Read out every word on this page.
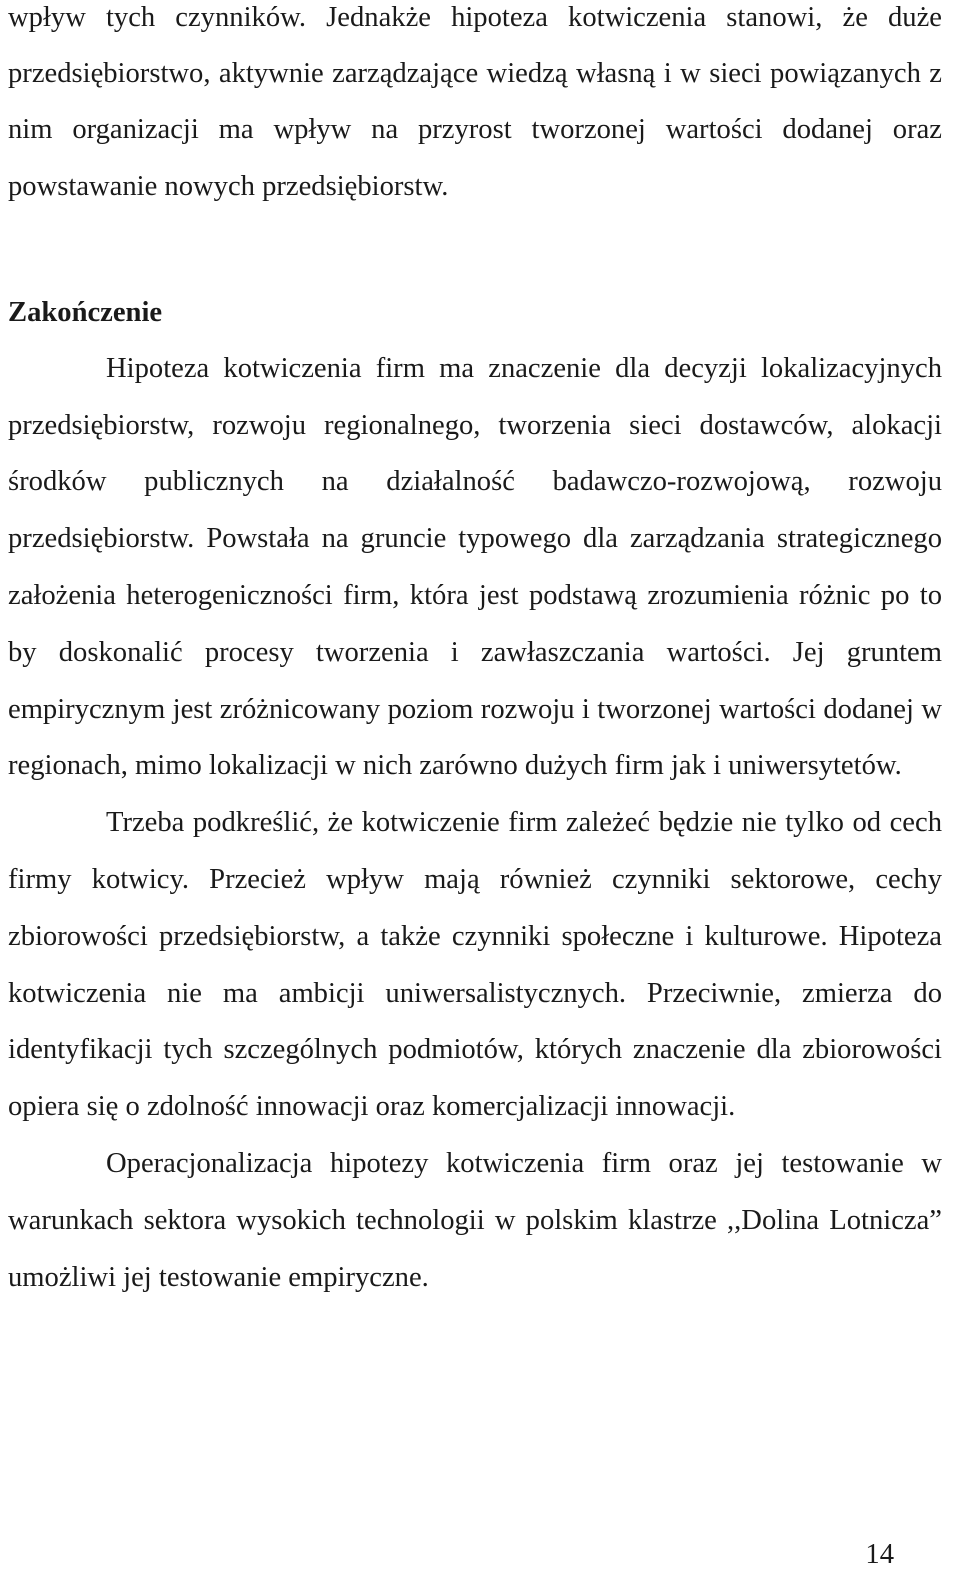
wpływ tych czynników. Jednakże hipoteza kotwiczenia stanowi, że duże przedsiębiorstwo, aktywnie zarządzające wiedzą własną i w sieci powiązanych z nim organizacji ma wpływ na przyrost tworzonej wartości dodanej oraz powstawanie nowych przedsiębiorstw.

Zakończenie

Hipoteza kotwiczenia firm ma znaczenie dla decyzji lokalizacyjnych przedsiębiorstw, rozwoju regionalnego, tworzenia sieci dostawców, alokacji środków publicznych na działalność badawczo-rozwojową, rozwoju przedsiębiorstw. Powstała na gruncie typowego dla zarządzania strategicznego założenia heterogeniczności firm, która jest podstawą zrozumienia różnic po to by doskonalić procesy tworzenia i zawłaszczania wartości. Jej gruntem empirycznym jest zróżnicowany poziom rozwoju i tworzonej wartości dodanej w regionach, mimo lokalizacji w nich zarówno dużych firm jak i uniwersytetów.

Trzeba podkreślić, że kotwiczenie firm zależeć będzie nie tylko od cech firmy kotwicy. Przecież wpływ mają również czynniki sektorowe, cechy zbiorowości przedsiębiorstw, a także czynniki społeczne i kulturowe. Hipoteza kotwiczenia nie ma ambicji uniwersalistycznych. Przeciwnie, zmierza do identyfikacji tych szczególnych podmiotów, których znaczenie dla zbiorowości opiera się o zdolność innowacji oraz komercjalizacji innowacji.

Operacjonalizacja hipotezy kotwiczenia firm oraz jej testowanie w warunkach sektora wysokich technologii w polskim klastrze ,,Dolina Lotnicza” umożliwi jej testowanie empiryczne.

14
